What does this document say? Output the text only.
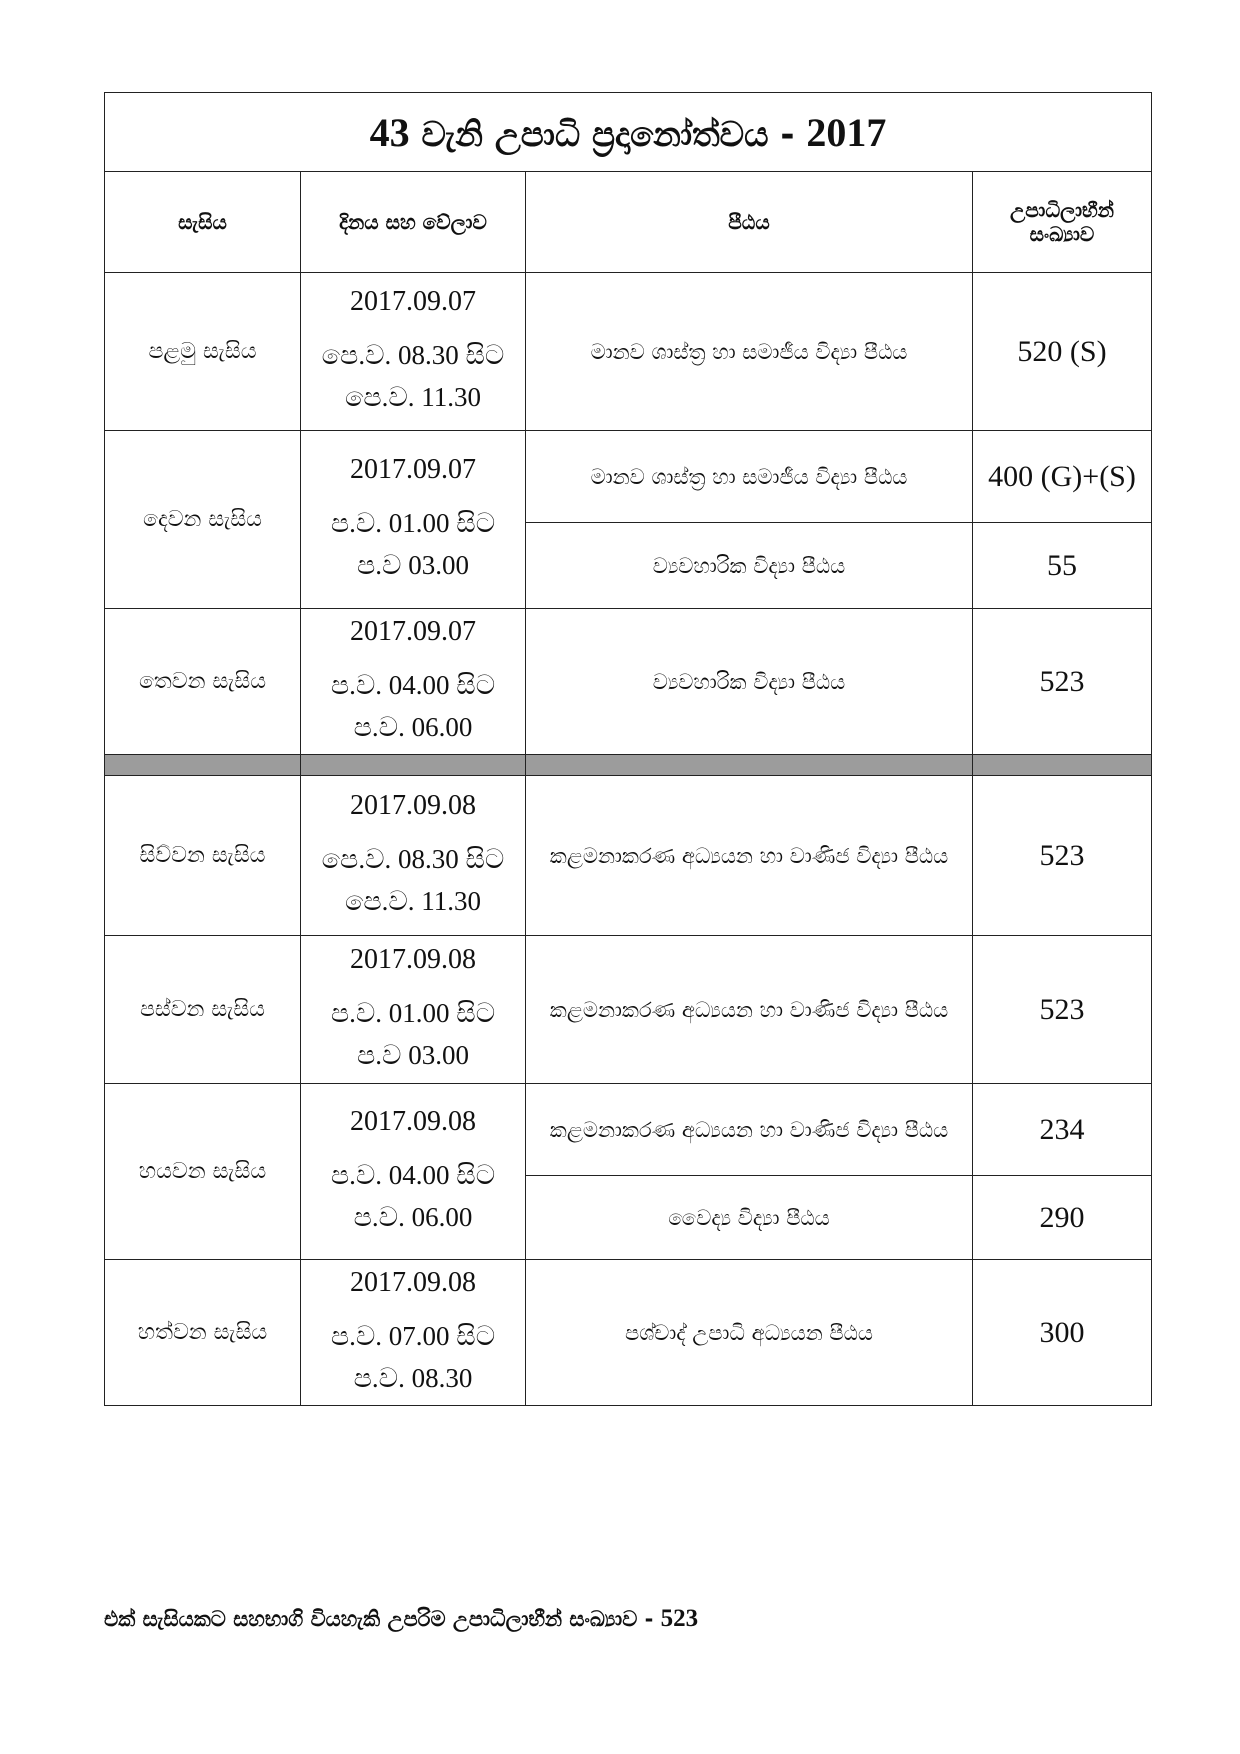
43 වැනි උපාධි ප්‍රදානෝත්වය - 2017			
සැසිය	දිනය සහ වේලාව	පීඨය	උපාධිලාභීන් සංඛ්‍යාව
පළමු සැසිය	2017.09.07
පෙ.ව. 08.30 සිට
පෙ.ව. 11.30	මානව ශාස්ත්‍ර හා සමාජීය විද්‍යා පීඨය	520 (S)
දෙවන සැසිය	2017.09.07
ප.ව. 01.00 සිට
ප.ව 03.00	මානව ශාස්ත්‍ර හා සමාජීය විද්‍යා පීඨය	400 (G)+(S)
		ව්‍යවහාරික විද්‍යා පීඨය	55
තෙවන සැසිය	2017.09.07
ප.ව. 04.00 සිට
ප.ව. 06.00	ව්‍යවහාරික විද්‍යා පීඨය	523

සිව්වන සැසිය	2017.09.08
පෙ.ව. 08.30 සිට
පෙ.ව. 11.30	කළමනාකරණ අධ්‍යයන හා වාණිජ විද්‍යා පීඨය	523
පස්වන සැසිය	2017.09.08
ප.ව. 01.00 සිට
ප.ව 03.00	කළමනාකරණ අධ්‍යයන හා වාණිජ විද්‍යා පීඨය	523
හයවන සැසිය	2017.09.08
ප.ව. 04.00 සිට
ප.ව. 06.00	කළමනාකරණ අධ්‍යයන හා වාණිජ විද්‍යා පීඨය	234
		වෛද්‍ය විද්‍යා පීඨය	290
හත්වන සැසිය	2017.09.08
ප.ව. 07.00 සිට
ප.ව. 08.30	පශ්චාද් උපාධි අධ්‍යයන පීඨය	300
එක් සැසියකට සහභාගි වියහැකි උපරිම උපාධිලාභීන් සංඛ්‍යාව - 523
